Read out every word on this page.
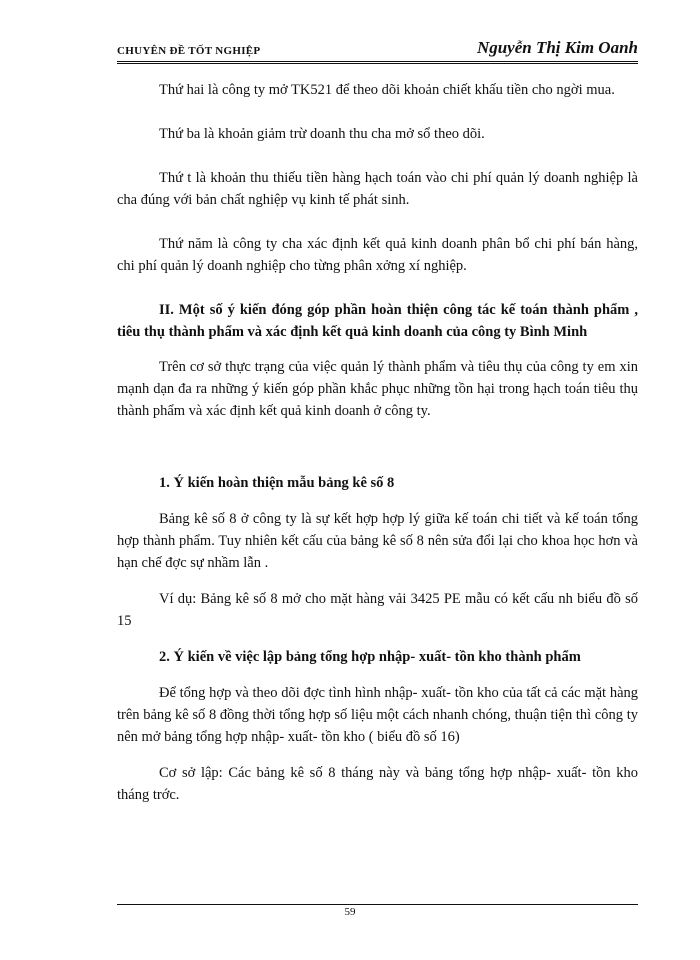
CHUYÊN ĐỀ TỐT NGHIỆP	Nguyễn Thị Kim Oanh

Thứ hai là công ty mở TK521 để theo dõi khoản chiết khấu tiền cho ngời mua.

Thứ ba là khoản giảm trừ doanh thu cha mở sổ theo dõi.

Thứ t là khoản thu thiếu tiền hàng hạch toán vào chi phí quản lý doanh nghiệp là cha đúng với bản chất nghiệp vụ kinh tế phát sinh.

Thứ năm là công ty cha xác định kết quả kinh doanh phân bổ chi phí bán hàng, chi phí quản lý doanh nghiệp cho từng phân xởng xí nghiệp.

II. Một số ý kiến đóng góp phần hoàn thiện công tác kế toán thành phẩm , tiêu thụ thành phẩm và xác định kết quả kinh doanh của công ty Bình Minh

Trên cơ sở thực trạng của việc quản lý thành phẩm và tiêu thụ của công ty em xin mạnh dạn đa ra những ý kiến góp phần khắc phục những tồn hại trong hạch toán tiêu thụ thành phẩm và xác định kết quả kinh doanh ở công ty.

1. Ý kiến hoàn thiện mẫu bảng kê số 8

Bảng kê số 8 ở công ty là sự kết hợp hợp lý giữa kế toán chi tiết và kế toán tổng hợp thành phẩm. Tuy nhiên kết cấu của bảng kê số 8 nên sửa đổi lại cho khoa học hơn và hạn chế đợc sự nhầm lẫn .

Ví dụ: Bảng kê số 8 mở cho mặt hàng vải 3425 PE mẫu có kết cấu nh biểu đồ số 15

2. Ý kiến về việc lập bảng tổng hợp nhập- xuất- tồn kho thành phẩm

Để tổng hợp và theo dõi đợc tình hình nhập- xuất- tồn kho của tất cả các mặt hàng trên bảng kê số 8 đồng thời tổng hợp số liệu một cách nhanh chóng, thuận tiện thì công ty nên mở bảng tổng hợp nhập- xuất- tồn kho ( biểu đồ số 16)

Cơ sở lập: Các bảng kê số 8 tháng này và bảng tổng hợp nhập- xuất- tồn kho tháng trớc.

59
